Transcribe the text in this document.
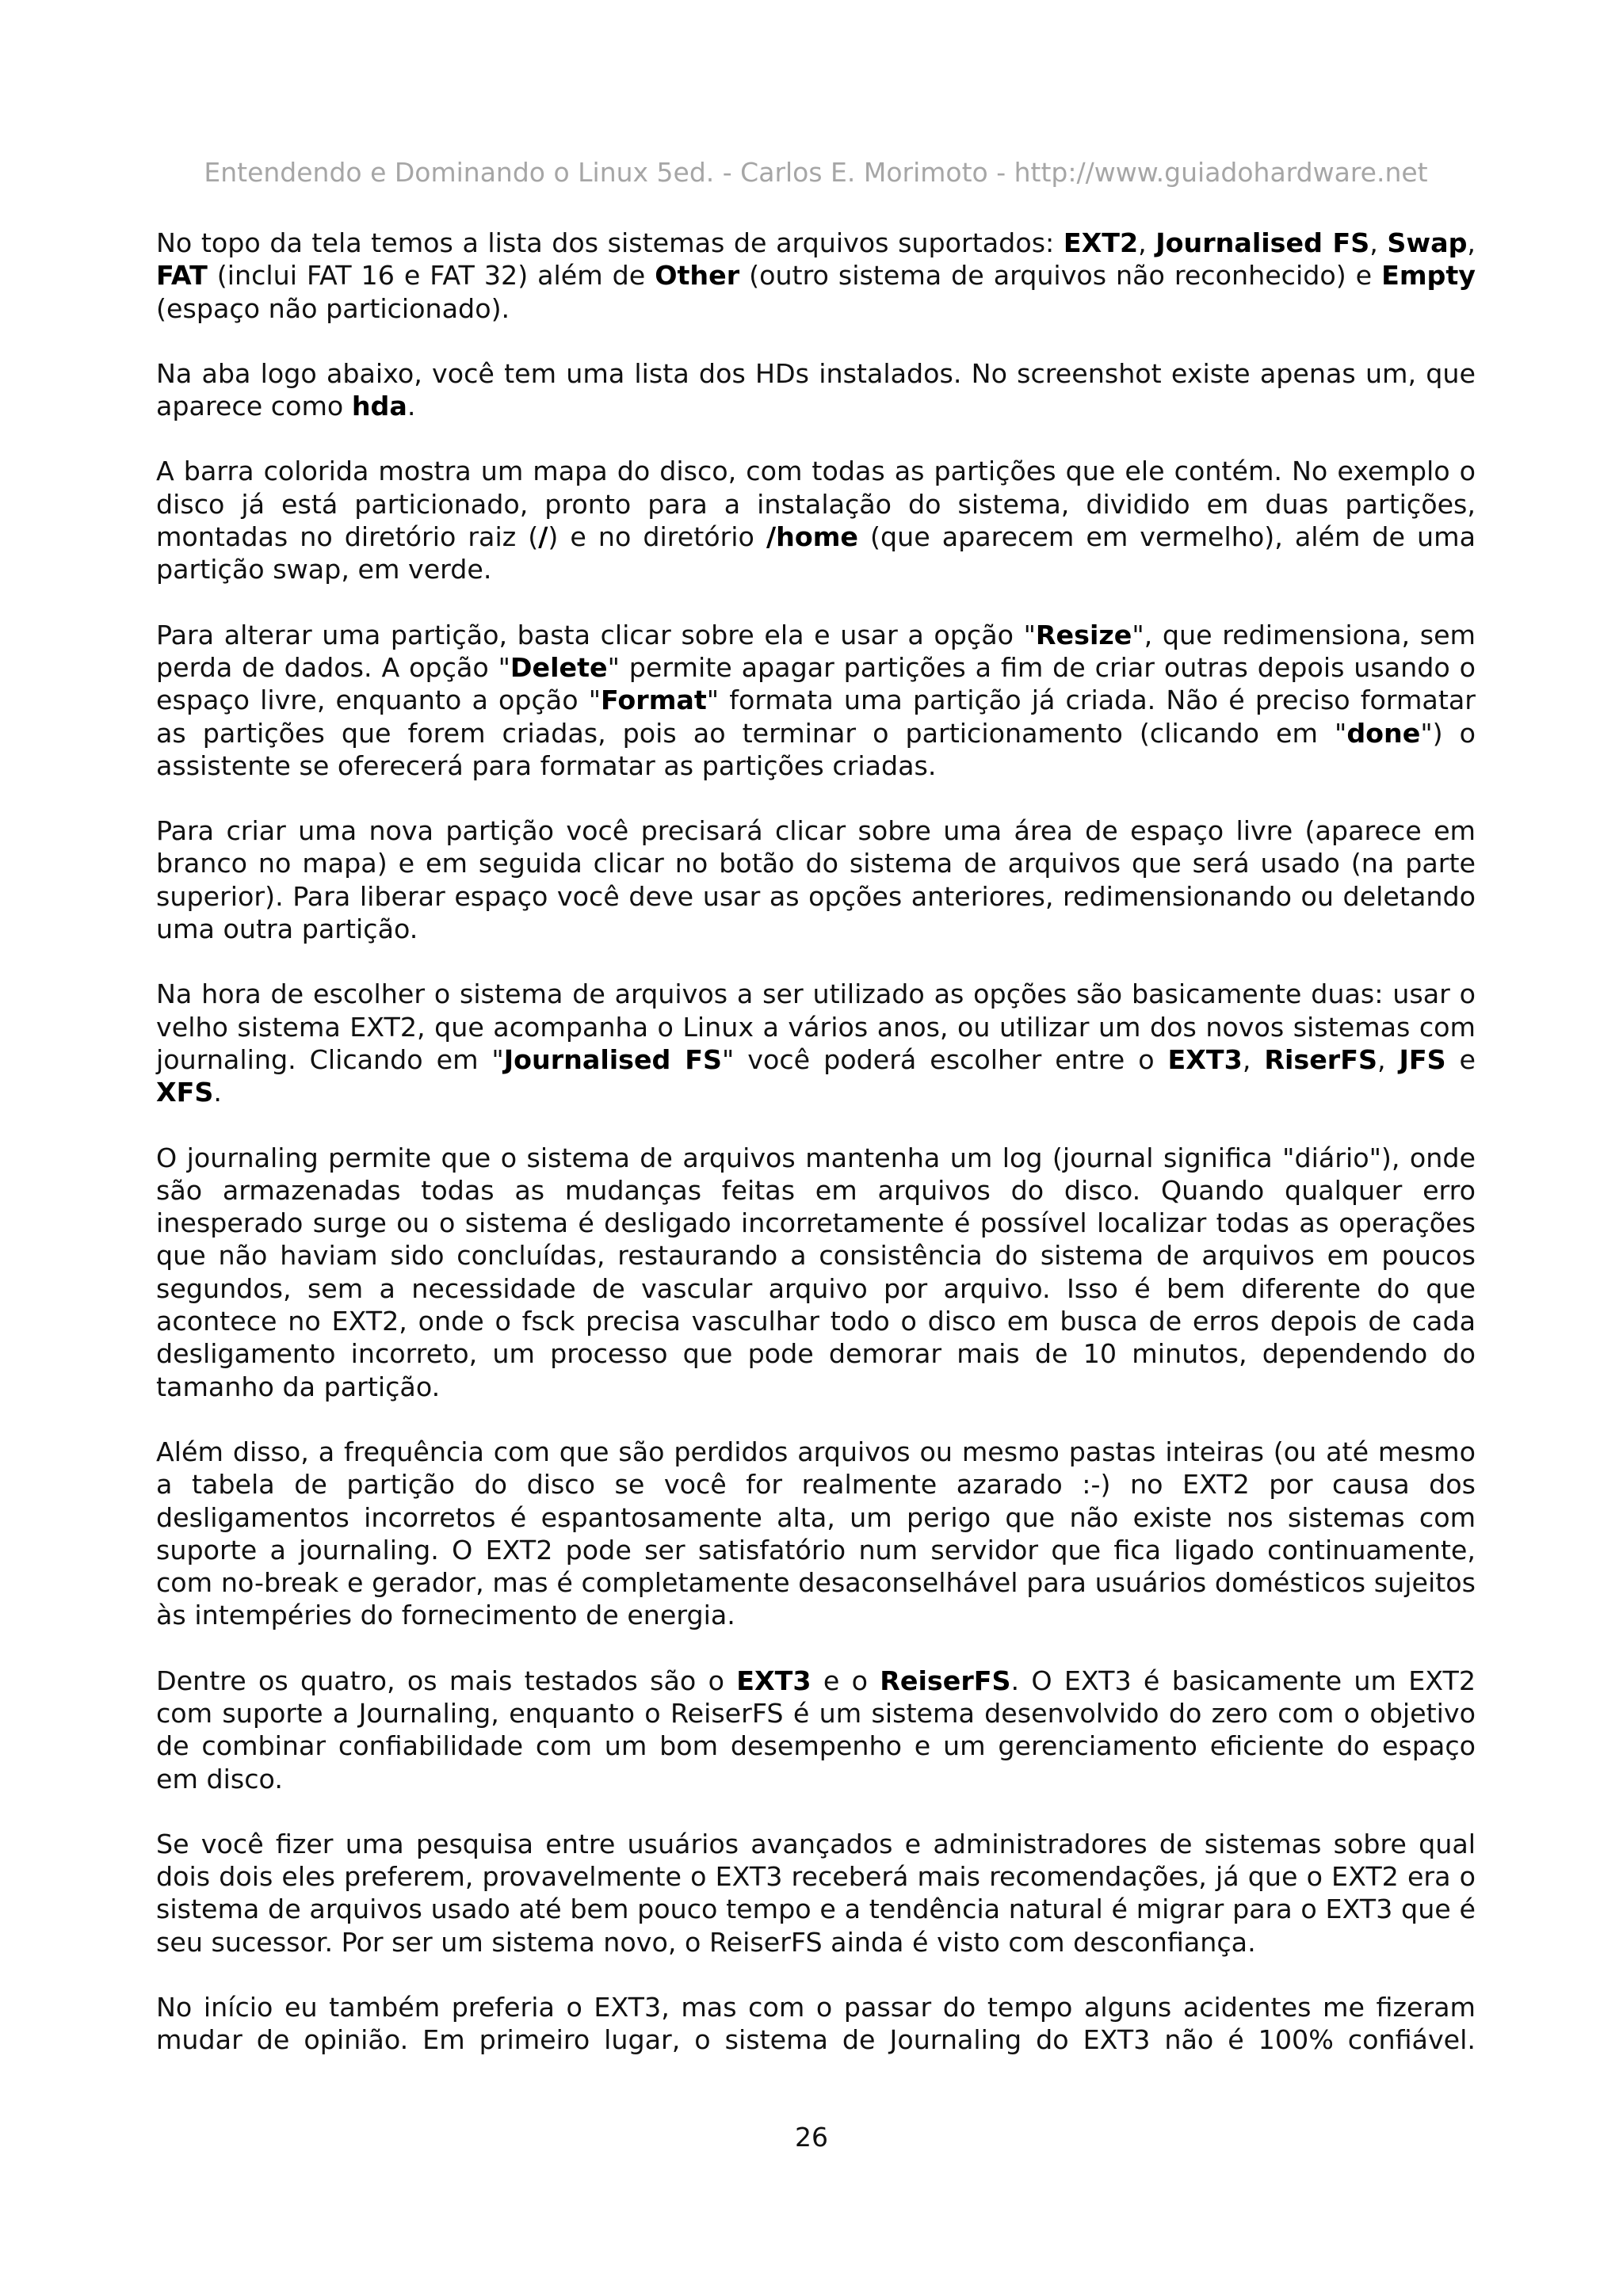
Entendendo e Dominando o Linux 5ed. - Carlos E. Morimoto - http://www.guiadohardware.net

No topo da tela temos a lista dos sistemas de arquivos suportados: EXT2, Journalised FS, Swap, FAT (inclui FAT 16 e FAT 32) além de Other (outro sistema de arquivos não reconhecido) e Empty (espaço não particionado).

Na aba logo abaixo, você tem uma lista dos HDs instalados. No screenshot existe apenas um, que aparece como hda.

A barra colorida mostra um mapa do disco, com todas as partições que ele contém. No exemplo o disco já está particionado, pronto para a instalação do sistema, dividido em duas partições, montadas no diretório raiz (/) e no diretório /home (que aparecem em vermelho), além de uma partição swap, em verde.

Para alterar uma partição, basta clicar sobre ela e usar a opção "Resize", que redimensiona, sem perda de dados. A opção "Delete" permite apagar partições a fim de criar outras depois usando o espaço livre, enquanto a opção "Format" formata uma partição já criada. Não é preciso formatar as partições que forem criadas, pois ao terminar o particionamento (clicando em "done") o assistente se oferecerá para formatar as partições criadas.

Para criar uma nova partição você precisará clicar sobre uma área de espaço livre (aparece em branco no mapa) e em seguida clicar no botão do sistema de arquivos que será usado (na parte superior). Para liberar espaço você deve usar as opções anteriores, redimensionando ou deletando uma outra partição.

Na hora de escolher o sistema de arquivos a ser utilizado as opções são basicamente duas: usar o velho sistema EXT2, que acompanha o Linux a vários anos, ou utilizar um dos novos sistemas com journaling. Clicando em "Journalised FS" você poderá escolher entre o EXT3, RiserFS, JFS e XFS.

O journaling permite que o sistema de arquivos mantenha um log (journal significa "diário"), onde são armazenadas todas as mudanças feitas em arquivos do disco. Quando qualquer erro inesperado surge ou o sistema é desligado incorretamente é possível localizar todas as operações que não haviam sido concluídas, restaurando a consistência do sistema de arquivos em poucos segundos, sem a necessidade de vascular arquivo por arquivo. Isso é bem diferente do que acontece no EXT2, onde o fsck precisa vasculhar todo o disco em busca de erros depois de cada desligamento incorreto, um processo que pode demorar mais de 10 minutos, dependendo do tamanho da partição.

Além disso, a frequência com que são perdidos arquivos ou mesmo pastas inteiras (ou até mesmo a tabela de partição do disco se você for realmente azarado :-) no EXT2 por causa dos desligamentos incorretos é espantosamente alta, um perigo que não existe nos sistemas com suporte a journaling. O EXT2 pode ser satisfatório num servidor que fica ligado continuamente, com no-break e gerador, mas é completamente desaconselhável para usuários domésticos sujeitos às intempéries do fornecimento de energia.

Dentre os quatro, os mais testados são o EXT3 e o ReiserFS. O EXT3 é basicamente um EXT2 com suporte a Journaling, enquanto o ReiserFS é um sistema desenvolvido do zero com o objetivo de combinar confiabilidade com um bom desempenho e um gerenciamento eficiente do espaço em disco.

Se você fizer uma pesquisa entre usuários avançados e administradores de sistemas sobre qual dois dois eles preferem, provavelmente o EXT3 receberá mais recomendações, já que o EXT2 era o sistema de arquivos usado até bem pouco tempo e a tendência natural é migrar para o EXT3 que é seu sucessor. Por ser um sistema novo, o ReiserFS ainda é visto com desconfiança.

No início eu também preferia o EXT3, mas com o passar do tempo alguns acidentes me fizeram mudar de opinião. Em primeiro lugar, o sistema de Journaling do EXT3 não é 100% confiável.

26
